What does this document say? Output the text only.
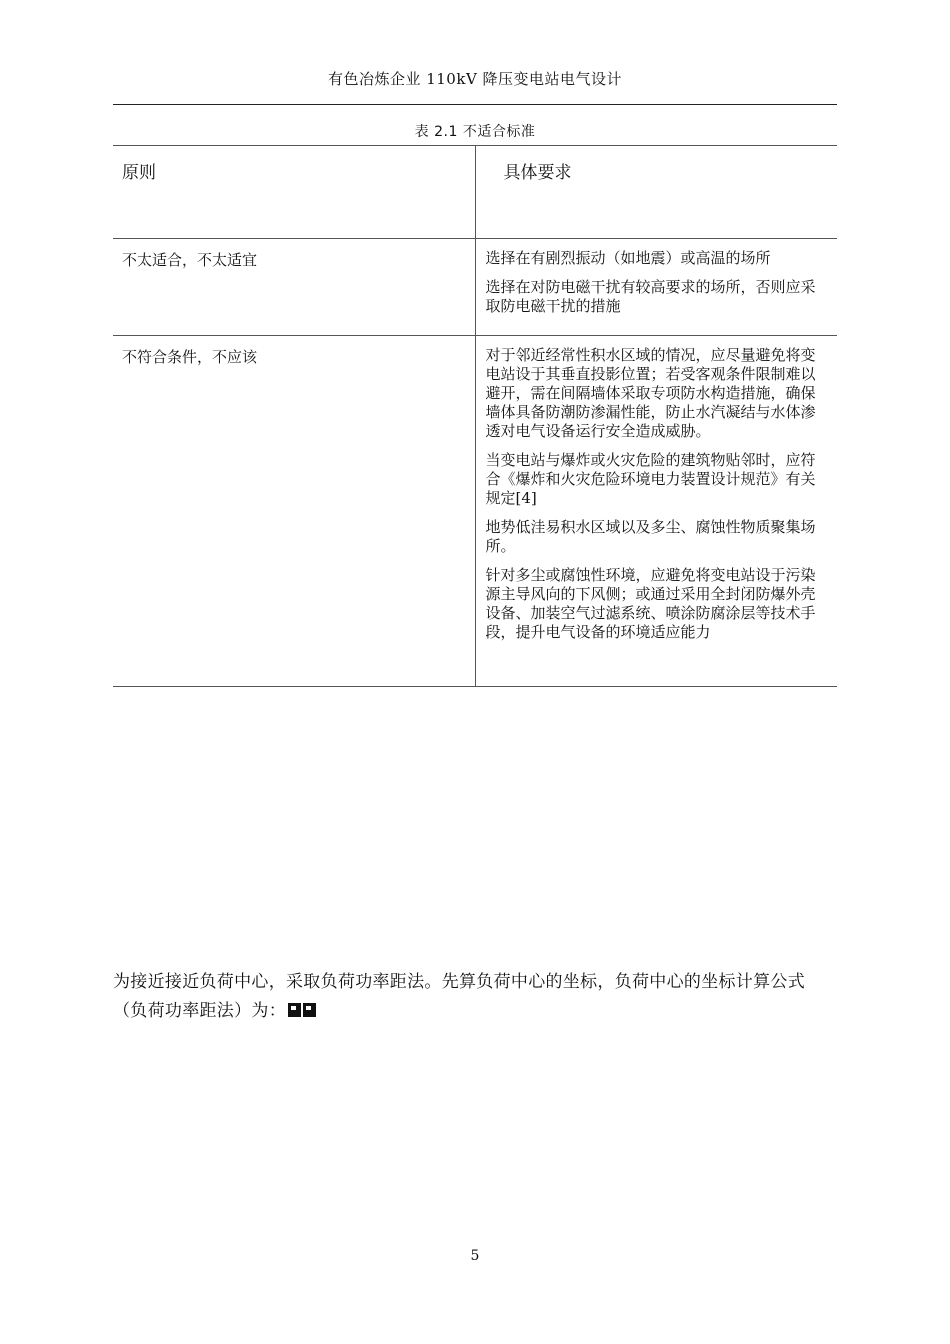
有色冶炼企业 110kV 降压变电站电气设计
表 2.1 不适合标准
原则	具体要求
不太适合，不太适宜	选择在有剧烈振动（如地震）或高温的场所

选择在对防电磁干扰有较高要求的场所，否则应采取防电磁干扰的措施

不符合条件，不应该	对于邻近经常性积水区域的情况，应尽量避免将变电站设于其垂直投影位置；若受客观条件限制难以避开，需在间隔墙体采取专项防水构造措施，确保墙体具备防潮防渗漏性能，防止水汽凝结与水体渗透对电气设备运行安全造成威胁。

当变电站与爆炸或火灾危险的建筑物贴邻时，应符合《爆炸和火灾危险环境电力装置设计规范》有关规定[4]

地势低洼易积水区域以及多尘、腐蚀性物质聚集场所。

针对多尘或腐蚀性环境，应避免将变电站设于污染源主导风向的下风侧；或通过采用全封闭防爆外壳设备、加装空气过滤系统、喷涂防腐涂层等技术手段，提升电气设备的环境适应能力

为接近接近负荷中心，采取负荷功率距法。先算负荷中心的坐标，负荷中心的坐标计算公式（负荷功率距法）为：
5
